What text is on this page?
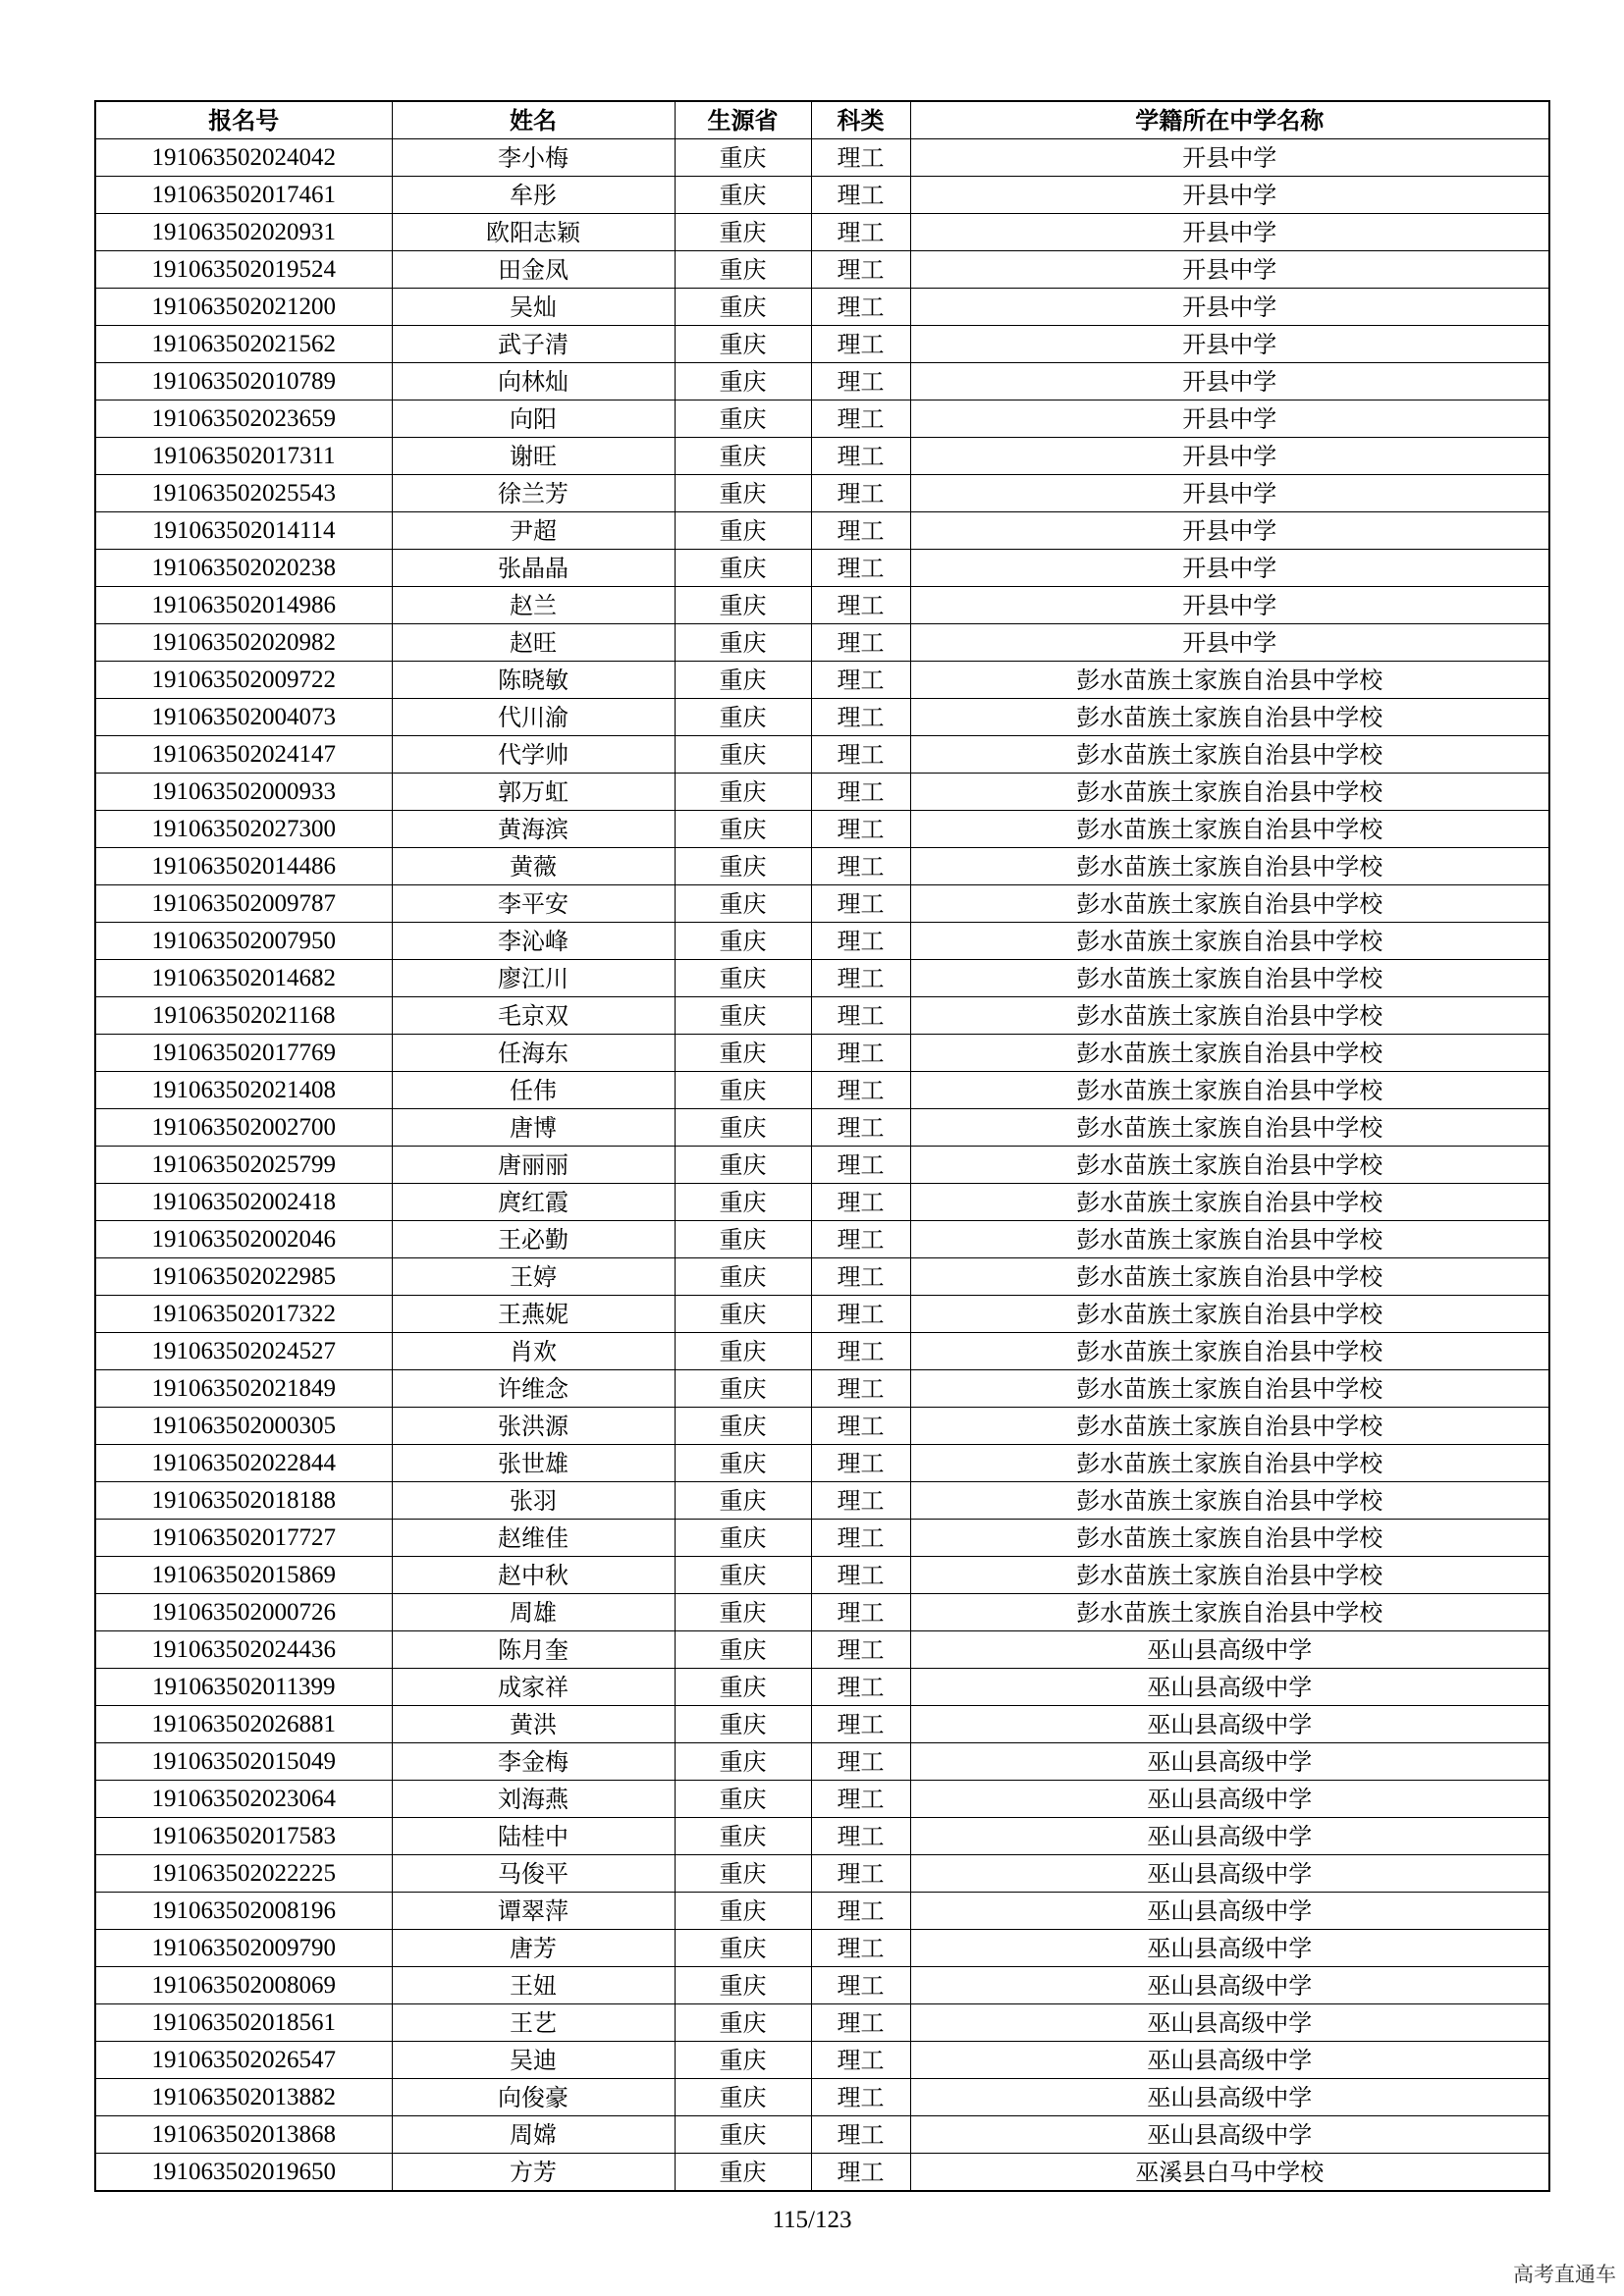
报名号	姓名	生源省	科类	学籍所在中学名称
191063502024042	李小梅	重庆	理工	开县中学
191063502017461	牟彤	重庆	理工	开县中学
191063502020931	欧阳志颖	重庆	理工	开县中学
191063502019524	田金凤	重庆	理工	开县中学
191063502021200	吴灿	重庆	理工	开县中学
191063502021562	武子清	重庆	理工	开县中学
191063502010789	向林灿	重庆	理工	开县中学
191063502023659	向阳	重庆	理工	开县中学
191063502017311	谢旺	重庆	理工	开县中学
191063502025543	徐兰芳	重庆	理工	开县中学
191063502014114	尹超	重庆	理工	开县中学
191063502020238	张晶晶	重庆	理工	开县中学
191063502014986	赵兰	重庆	理工	开县中学
191063502020982	赵旺	重庆	理工	开县中学
191063502009722	陈晓敏	重庆	理工	彭水苗族土家族自治县中学校
191063502004073	代川渝	重庆	理工	彭水苗族土家族自治县中学校
191063502024147	代学帅	重庆	理工	彭水苗族土家族自治县中学校
191063502000933	郭万虹	重庆	理工	彭水苗族土家族自治县中学校
191063502027300	黄海滨	重庆	理工	彭水苗族土家族自治县中学校
191063502014486	黄薇	重庆	理工	彭水苗族土家族自治县中学校
191063502009787	李平安	重庆	理工	彭水苗族土家族自治县中学校
191063502007950	李沁峰	重庆	理工	彭水苗族土家族自治县中学校
191063502014682	廖江川	重庆	理工	彭水苗族土家族自治县中学校
191063502021168	毛京双	重庆	理工	彭水苗族土家族自治县中学校
191063502017769	任海东	重庆	理工	彭水苗族土家族自治县中学校
191063502021408	任伟	重庆	理工	彭水苗族土家族自治县中学校
191063502002700	唐博	重庆	理工	彭水苗族土家族自治县中学校
191063502025799	唐丽丽	重庆	理工	彭水苗族土家族自治县中学校
191063502002418	庹红霞	重庆	理工	彭水苗族土家族自治县中学校
191063502002046	王必勤	重庆	理工	彭水苗族土家族自治县中学校
191063502022985	王婷	重庆	理工	彭水苗族土家族自治县中学校
191063502017322	王燕妮	重庆	理工	彭水苗族土家族自治县中学校
191063502024527	肖欢	重庆	理工	彭水苗族土家族自治县中学校
191063502021849	许维念	重庆	理工	彭水苗族土家族自治县中学校
191063502000305	张洪源	重庆	理工	彭水苗族土家族自治县中学校
191063502022844	张世雄	重庆	理工	彭水苗族土家族自治县中学校
191063502018188	张羽	重庆	理工	彭水苗族土家族自治县中学校
191063502017727	赵维佳	重庆	理工	彭水苗族土家族自治县中学校
191063502015869	赵中秋	重庆	理工	彭水苗族土家族自治县中学校
191063502000726	周雄	重庆	理工	彭水苗族土家族自治县中学校
191063502024436	陈月奎	重庆	理工	巫山县高级中学
191063502011399	成家祥	重庆	理工	巫山县高级中学
191063502026881	黄洪	重庆	理工	巫山县高级中学
191063502015049	李金梅	重庆	理工	巫山县高级中学
191063502023064	刘海燕	重庆	理工	巫山县高级中学
191063502017583	陆桂中	重庆	理工	巫山县高级中学
191063502022225	马俊平	重庆	理工	巫山县高级中学
191063502008196	谭翠萍	重庆	理工	巫山县高级中学
191063502009790	唐芳	重庆	理工	巫山县高级中学
191063502008069	王妞	重庆	理工	巫山县高级中学
191063502018561	王艺	重庆	理工	巫山县高级中学
191063502026547	吴迪	重庆	理工	巫山县高级中学
191063502013882	向俊豪	重庆	理工	巫山县高级中学
191063502013868	周嫦	重庆	理工	巫山县高级中学
191063502019650	方芳	重庆	理工	巫溪县白马中学校
115/123
高考直通车
